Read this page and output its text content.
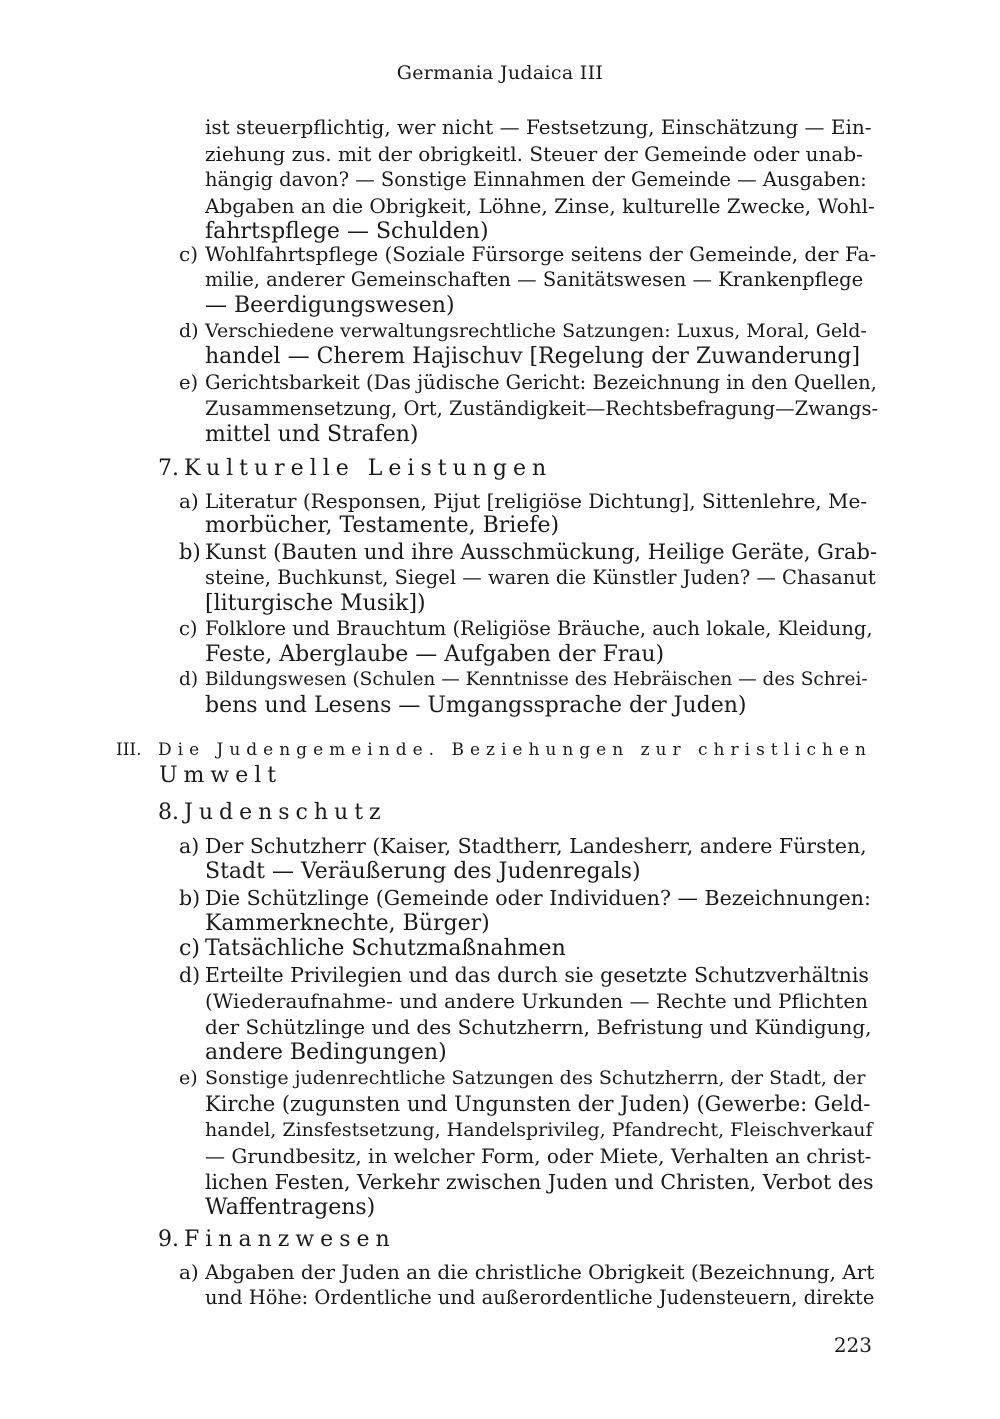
Germania Judaica III
ist steuerpflichtig, wer nicht — Festsetzung, Einschätzung — Ein-
ziehung zus. mit der obrigkeitl. Steuer der Gemeinde oder unab-
hängig davon? — Sonstige Einnahmen der Gemeinde — Ausgaben:
Abgaben an die Obrigkeit, Löhne, Zinse, kulturelle Zwecke, Wohl-
fahrtspflege — Schulden)
c) Wohlfahrtspflege (Soziale Fürsorge seitens der Gemeinde, der Fa-
milie, anderer Gemeinschaften — Sanitätswesen — Krankenpflege
— Beerdigungswesen)
d) Verschiedene verwaltungsrechtliche Satzungen: Luxus, Moral, Geld-
handel — Cherem Hajischuv [Regelung der Zuwanderung]
e) Gerichtsbarkeit (Das jüdische Gericht: Bezeichnung in den Quellen,
Zusammensetzung, Ort, Zuständigkeit—Rechtsbefragung—Zwangs-
mittel und Strafen)
7. Kulturelle Leistungen
a) Literatur (Responsen, Pijut [religiöse Dichtung], Sittenlehre, Me-
morbücher, Testamente, Briefe)
b) Kunst (Bauten und ihre Ausschmückung, Heilige Geräte, Grab-
steine, Buchkunst, Siegel — waren die Künstler Juden? — Chasanut
[liturgische Musik])
c) Folklore und Brauchtum (Religiöse Bräuche, auch lokale, Kleidung,
Feste, Aberglaube — Aufgaben der Frau)
d) Bildungswesen (Schulen — Kenntnisse des Hebräischen — des Schrei-
bens und Lesens — Umgangssprache der Juden)
III. Die Judengemeinde. Beziehungen zur christlichen
Umwelt
8. Judenschutz
a) Der Schutzherr (Kaiser, Stadtherr, Landesherr, andere Fürsten,
Stadt — Veräußerung des Judenregals)
b) Die Schützlinge (Gemeinde oder Individuen? — Bezeichnungen:
Kammerknechte, Bürger)
c) Tatsächliche Schutzmaßnahmen
d) Erteilte Privilegien und das durch sie gesetzte Schutzverhältnis
(Wiederaufnahme- und andere Urkunden — Rechte und Pflichten
der Schützlinge und des Schutzherrn, Befristung und Kündigung,
andere Bedingungen)
e) Sonstige judenrechtliche Satzungen des Schutzherrn, der Stadt, der
Kirche (zugunsten und Ungunsten der Juden) (Gewerbe: Geld-
handel, Zinsfestsetzung, Handelsprivileg, Pfandrecht, Fleischverkauf
— Grundbesitz, in welcher Form, oder Miete, Verhalten an christ-
lichen Festen, Verkehr zwischen Juden und Christen, Verbot des
Waffentragens)
9. Finanzwesen
a) Abgaben der Juden an die christliche Obrigkeit (Bezeichnung, Art
und Höhe: Ordentliche und außerordentliche Judensteuern, direkte
223
